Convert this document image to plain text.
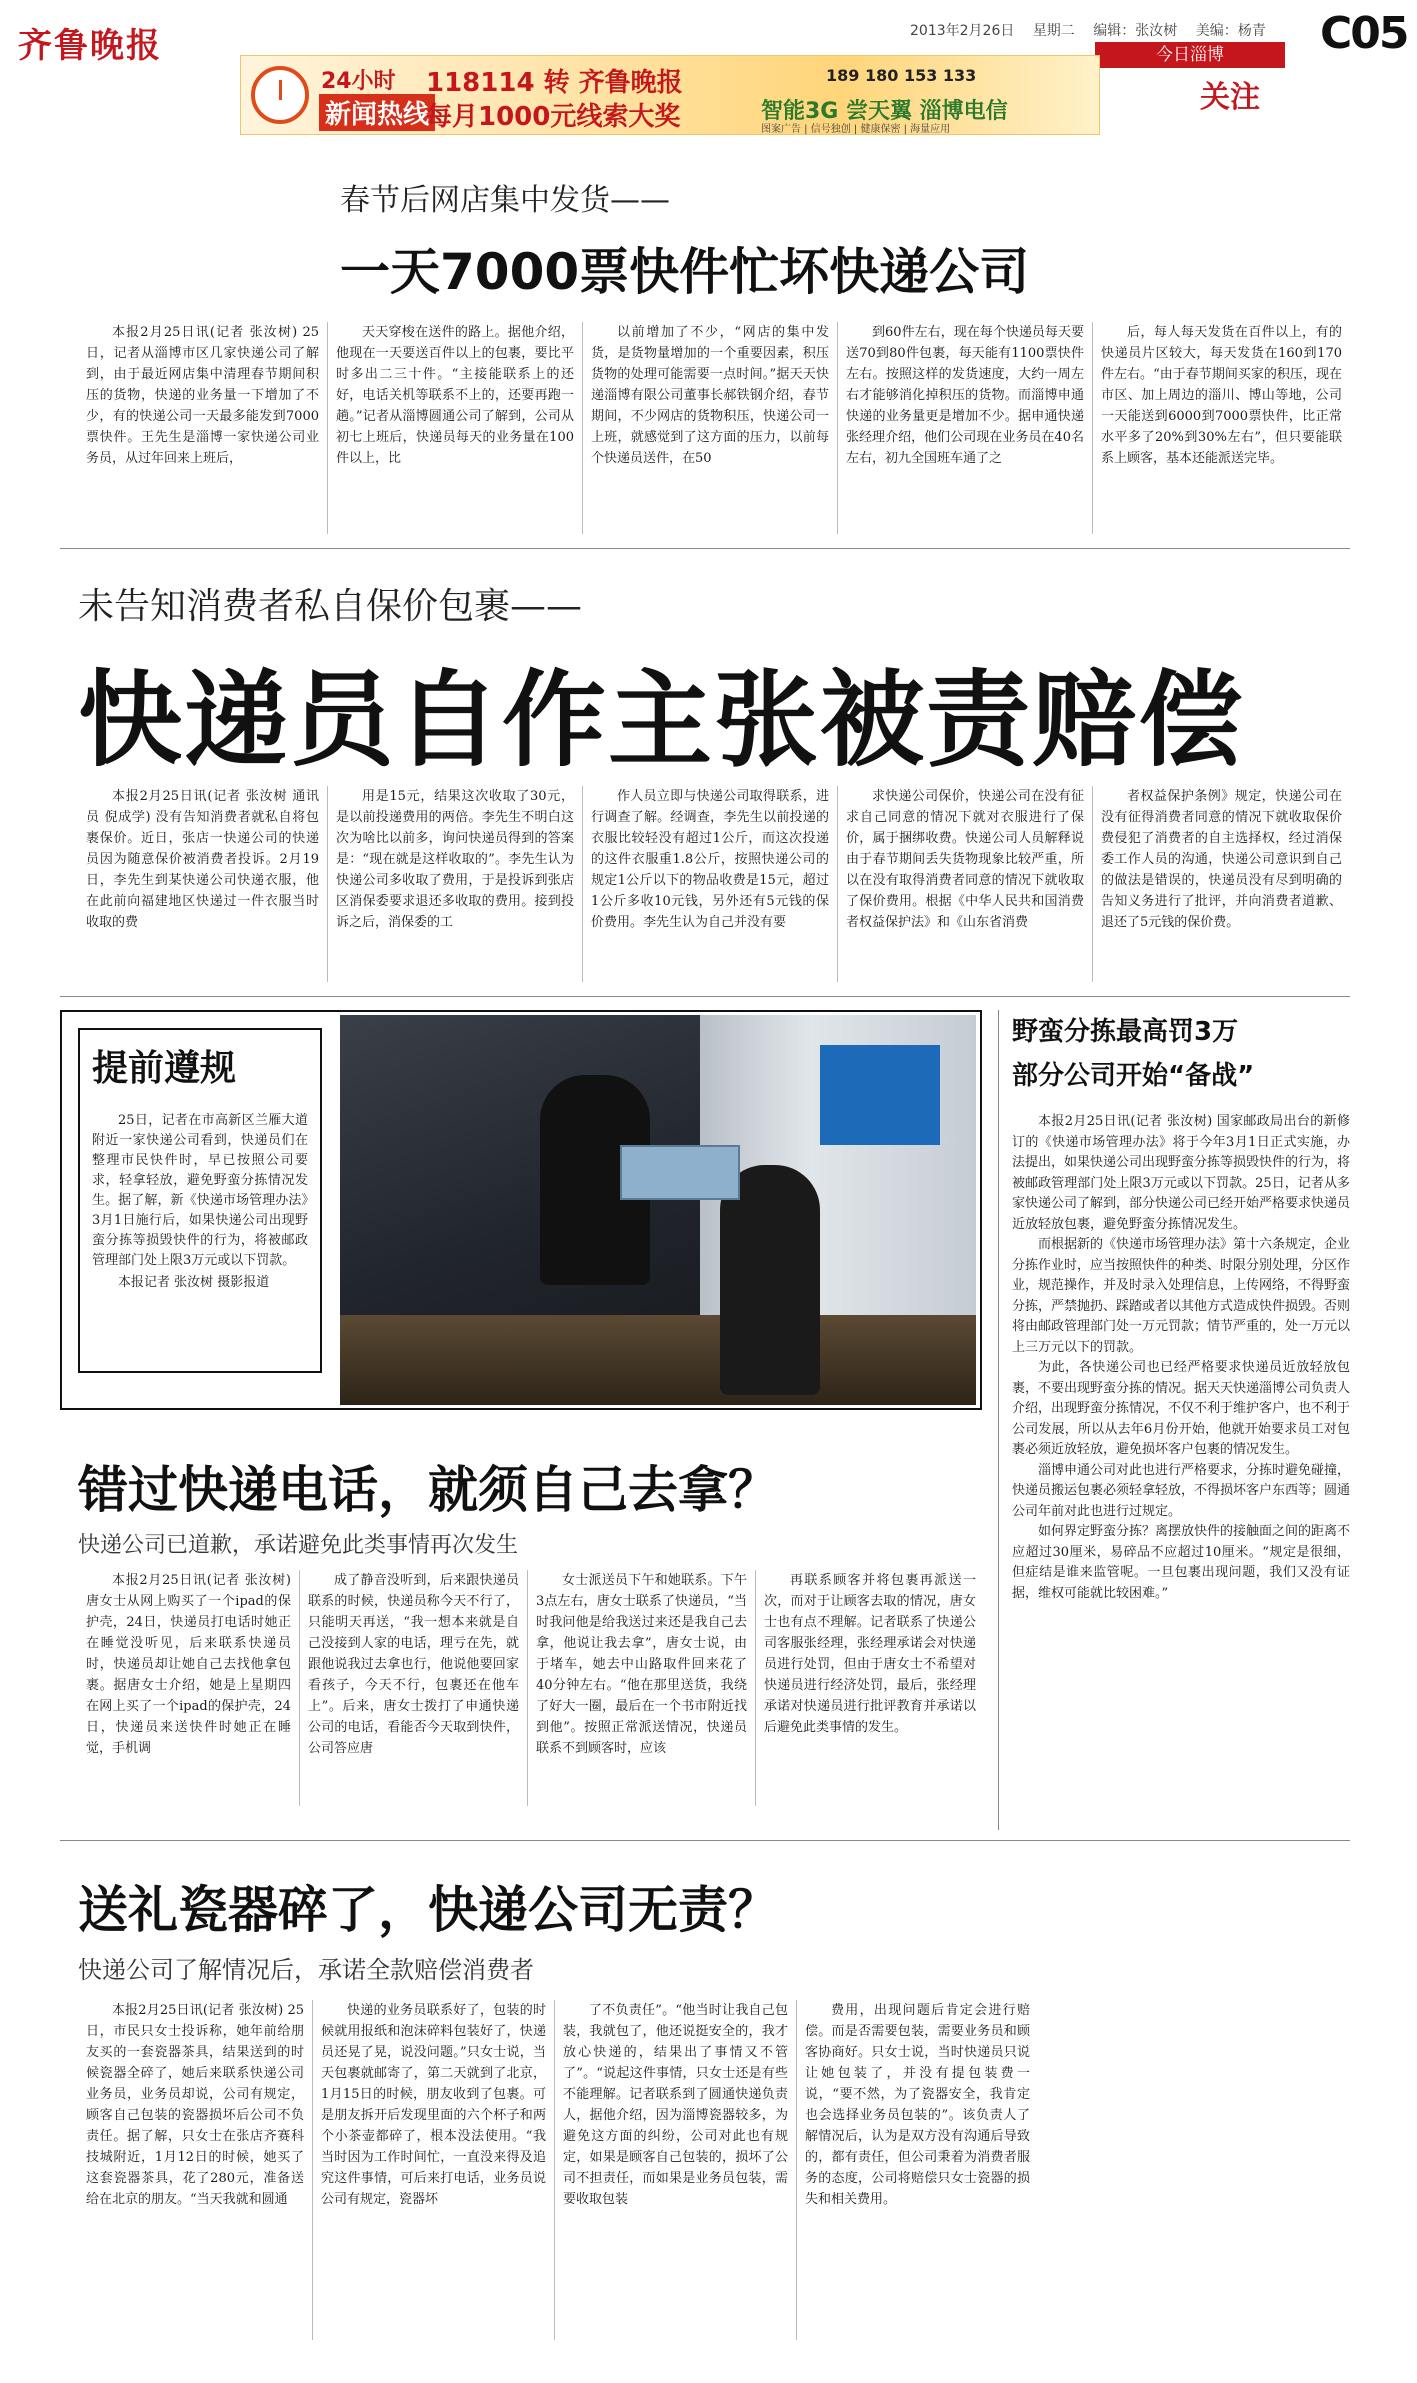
齐鲁晚报	2013年2月26日 星期二 编辑：张汝树 美编：杨青	C05
今日淄博
关注
24小时
新闻热线
118114 转 齐鲁晚报
每月1000元线索大奖
189 180 153 133
智能3G 尝天翼 淄博电信
图案广告 | 信号独创 | 健康保密 | 海量应用
春节后网店集中发货——
一天7000票快件忙坏快递公司

本报2月25日讯(记者 张汝树) 25日，记者从淄博市区几家快递公司了解到，由于最近网店集中清理春节期间积压的货物，快递的业务量一下增加了不少，有的快递公司一天最多能发到7000票快件。王先生是淄博一家快递公司业务员，从过年回来上班后，

天天穿梭在送件的路上。据他介绍，他现在一天要送百件以上的包裹，要比平时多出二三十件。“主接能联系上的还好，电话关机等联系不上的，还要再跑一趟。”记者从淄博圆通公司了解到，公司从初七上班后，快递员每天的业务量在100件以上，比

以前增加了不少，“网店的集中发货，是货物量增加的一个重要因素，积压货物的处理可能需要一点时间。”据天天快递淄博有限公司董事长郝铁钢介绍，春节期间，不少网店的货物积压，快递公司一上班，就感觉到了这方面的压力，以前每个快递员送件，在50

到60件左右，现在每个快递员每天要送70到80件包裹，每天能有1100票快件左右。按照这样的发货速度，大约一周左右才能够消化掉积压的货物。而淄博申通快递的业务量更是增加不少。据申通快递张经理介绍，他们公司现在业务员在40名左右，初九全国班车通了之

后，每人每天发货在百件以上，有的快递员片区较大，每天发货在160到170件左右。“由于春节期间买家的积压，现在市区、加上周边的淄川、博山等地，公司一天能送到6000到7000票快件，比正常水平多了20%到30%左右”，但只要能联系上顾客，基本还能派送完毕。

未告知消费者私自保价包裹——
快递员自作主张被责赔偿

本报2月25日讯(记者 张汝树 通讯员 倪成学) 没有告知消费者就私自将包裹保价。近日，张店一快递公司的快递员因为随意保价被消费者投诉。2月19日，李先生到某快递公司快递衣服，他在此前向福建地区快递过一件衣服当时收取的费

用是15元，结果这次收取了30元，是以前投递费用的两倍。李先生不明白这次为啥比以前多，询问快递员得到的答案是：“现在就是这样收取的”。李先生认为快递公司多收取了费用，于是投诉到张店区消保委要求退还多收取的费用。接到投诉之后，消保委的工

作人员立即与快递公司取得联系，进行调查了解。经调查，李先生以前投递的衣服比较轻没有超过1公斤，而这次投递的这件衣服重1.8公斤，按照快递公司的规定1公斤以下的物品收费是15元，超过1公斤多收10元钱，另外还有5元钱的保价费用。李先生认为自己并没有要

求快递公司保价，快递公司在没有征求自己同意的情况下就对衣服进行了保价，属于捆绑收费。快递公司人员解释说由于春节期间丢失货物现象比较严重，所以在没有取得消费者同意的情况下就收取了保价费用。根据《中华人民共和国消费者权益保护法》和《山东省消费

者权益保护条例》规定，快递公司在没有征得消费者同意的情况下就收取保价费侵犯了消费者的自主选择权，经过消保委工作人员的沟通，快递公司意识到自己的做法是错误的，快递员没有尽到明确的告知义务进行了批评，并向消费者道歉、退还了5元钱的保价费。

提前遵规
25日，记者在市高新区兰雁大道附近一家快递公司看到，快递员们在整理市民快件时，早已按照公司要求，轻拿轻放，避免野蛮分拣情况发生。据了解，新《快递市场管理办法》3月1日施行后，如果快递公司出现野蛮分拣等损毁快件的行为，将被邮政管理部门处上限3万元或以下罚款。
本报记者 张汝树 摄影报道
野蛮分拣最高罚3万
部分公司开始“备战”

本报2月25日讯(记者 张汝树) 国家邮政局出台的新修订的《快递市场管理办法》将于今年3月1日正式实施，办法提出，如果快递公司出现野蛮分拣等损毁快件的行为，将被邮政管理部门处上限3万元或以下罚款。25日，记者从多家快递公司了解到，部分快递公司已经开始严格要求快递员近放轻放包裹，避免野蛮分拣情况发生。

而根据新的《快递市场管理办法》第十六条规定，企业分拣作业时，应当按照快件的种类、时限分别处理，分区作业，规范操作，并及时录入处理信息，上传网络，不得野蛮分拣，严禁抛扔、踩踏或者以其他方式造成快件损毁。否则将由邮政管理部门处一万元罚款；情节严重的，处一万元以上三万元以下的罚款。

为此，各快递公司也已经严格要求快递员近放轻放包裹，不要出现野蛮分拣的情况。据天天快递淄博公司负责人介绍，出现野蛮分拣情况，不仅不利于维护客户，也不利于公司发展，所以从去年6月份开始，他就开始要求员工对包裹必须近放轻放，避免损坏客户包裹的情况发生。

淄博申通公司对此也进行严格要求，分拣时避免碰撞，快递员搬运包裹必须轻拿轻放，不得损坏客户东西等；圆通公司年前对此也进行过规定。

如何界定野蛮分拣？离摆放快件的接触面之间的距离不应超过30厘米，易碎品不应超过10厘米。“规定是很细，但症结是谁来监管呢。一旦包裹出现问题，我们又没有证据，维权可能就比较困难。”

错过快递电话，就须自己去拿？
快递公司已道歉，承诺避免此类事情再次发生

本报2月25日讯(记者 张汝树) 唐女士从网上购买了一个ipad的保护壳，24日，快递员打电话时她正在睡觉没听见，后来联系快递员时，快递员却让她自己去找他拿包裹。据唐女士介绍，她是上星期四在网上买了一个ipad的保护壳，24日，快递员来送快件时她正在睡觉，手机调

成了静音没听到，后来跟快递员联系的时候，快递员称今天不行了，只能明天再送，“我一想本来就是自己没接到人家的电话，理亏在先，就跟他说我过去拿也行，他说他要回家看孩子，今天不行，包裹还在他车上”。后来，唐女士拨打了申通快递公司的电话，看能否今天取到快件，公司答应唐

女士派送员下午和她联系。下午3点左右，唐女士联系了快递员，“当时我问他是给我送过来还是我自己去拿，他说让我去拿”，唐女士说，由于堵车，她去中山路取件回来花了40分钟左右。“他在那里送货，我绕了好大一圈，最后在一个书市附近找到他”。按照正常派送情况，快递员联系不到顾客时，应该

再联系顾客并将包裹再派送一次，而对于让顾客去取的情况，唐女士也有点不理解。记者联系了快递公司客服张经理，张经理承诺会对快递员进行处罚，但由于唐女士不希望对快递员进行经济处罚，最后，张经理承诺对快递员进行批评教育并承诺以后避免此类事情的发生。

送礼瓷器碎了，快递公司无责？
快递公司了解情况后，承诺全款赔偿消费者

本报2月25日讯(记者 张汝树) 25日，市民只女士投诉称，她年前给朋友买的一套瓷器茶具，结果送到的时候瓷器全碎了，她后来联系快递公司业务员，业务员却说，公司有规定，顾客自己包装的瓷器损坏后公司不负责任。据了解，只女士在张店齐赛科技城附近，1月12日的时候，她买了这套瓷器茶具，花了280元，准备送给在北京的朋友。“当天我就和圆通

快递的业务员联系好了，包装的时候就用报纸和泡沫碎料包装好了，快递员还晃了晃，说没问题。”只女士说，当天包裹就邮寄了，第二天就到了北京，1月15日的时候，朋友收到了包裹。可是朋友拆开后发现里面的六个杯子和两个小茶壶都碎了，根本没法使用。“我当时因为工作时间忙，一直没来得及追究这件事情，可后来打电话，业务员说公司有规定，瓷器坏

了不负责任”。“他当时让我自己包装，我就包了，他还说挺安全的，我才放心快递的，结果出了事情又不管了”。“说起这件事情，只女士还是有些不能理解。记者联系到了圆通快递负责人，据他介绍，因为淄博瓷器较多，为避免这方面的纠纷，公司对此也有规定，如果是顾客自己包装的，损坏了公司不担责任，而如果是业务员包装，需要收取包装

费用，出现问题后肯定会进行赔偿。而是否需要包装，需要业务员和顾客协商好。只女士说，当时快递员只说让她包装了，并没有提包装费一说，“要不然，为了瓷器安全，我肯定也会选择业务员包装的”。该负责人了解情况后，认为是双方没有沟通后导致的，都有责任，但公司秉着为消费者服务的态度，公司将赔偿只女士瓷器的损失和相关费用。
